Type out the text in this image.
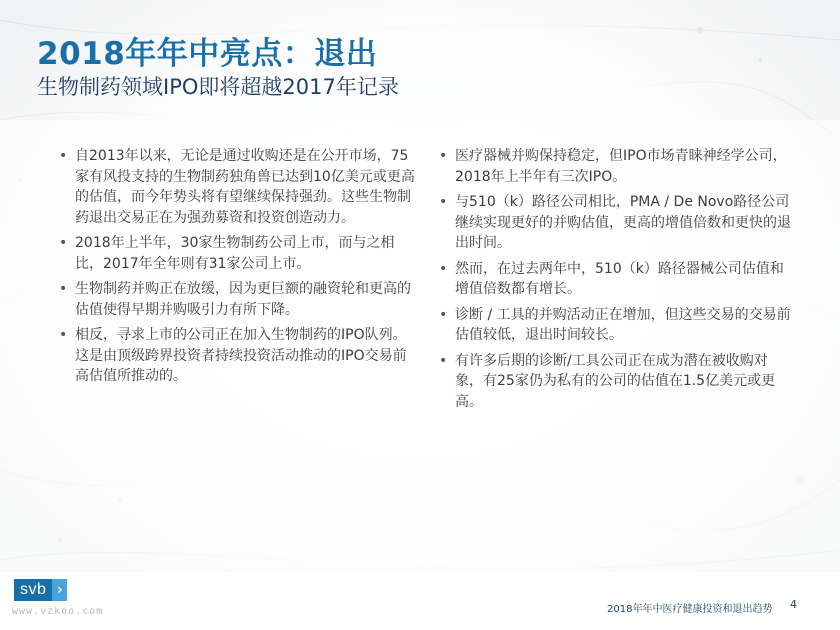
2018年年中亮点：退出
生物制药领域IPO即将超越2017年记录
• 自2013年以来，无论是通过收购还是在公开市场，75家有风投支持的生物制药独角兽已达到10亿美元或更高的估值，而今年势头将有望继续保持强劲。这些生物制药退出交易正在为强劲募资和投资创造动力。
• 2018年上半年，30家生物制药公司上市，而与之相比，2017年全年则有31家公司上市。
• 生物制药并购正在放缓，因为更巨额的融资轮和更高的估值使得早期并购吸引力有所下降。
• 相反，寻求上市的公司正在加入生物制药的IPO队列。这是由顶级跨界投资者持续投资活动推动的IPO交易前高估值所推动的。
• 医疗器械并购保持稳定，但IPO市场青睐神经学公司，2018年上半年有三次IPO。
• 与510（k）路径公司相比，PMA / De Novo路径公司继续实现更好的并购估值，更高的增值倍数和更快的退出时间。
• 然而，在过去两年中，510（k）路径器械公司估值和增值倍数都有增长。
• 诊断 / 工具的并购活动正在增加，但这些交易的交易前估值较低，退出时间较长。
• 有许多后期的诊断/工具公司正在成为潜在被收购对象，有25家仍为私有的公司的估值在1.5亿美元或更高。
svb ›
www.vzkoo.com	2018年年中医疗健康投资和退出趋势 4
